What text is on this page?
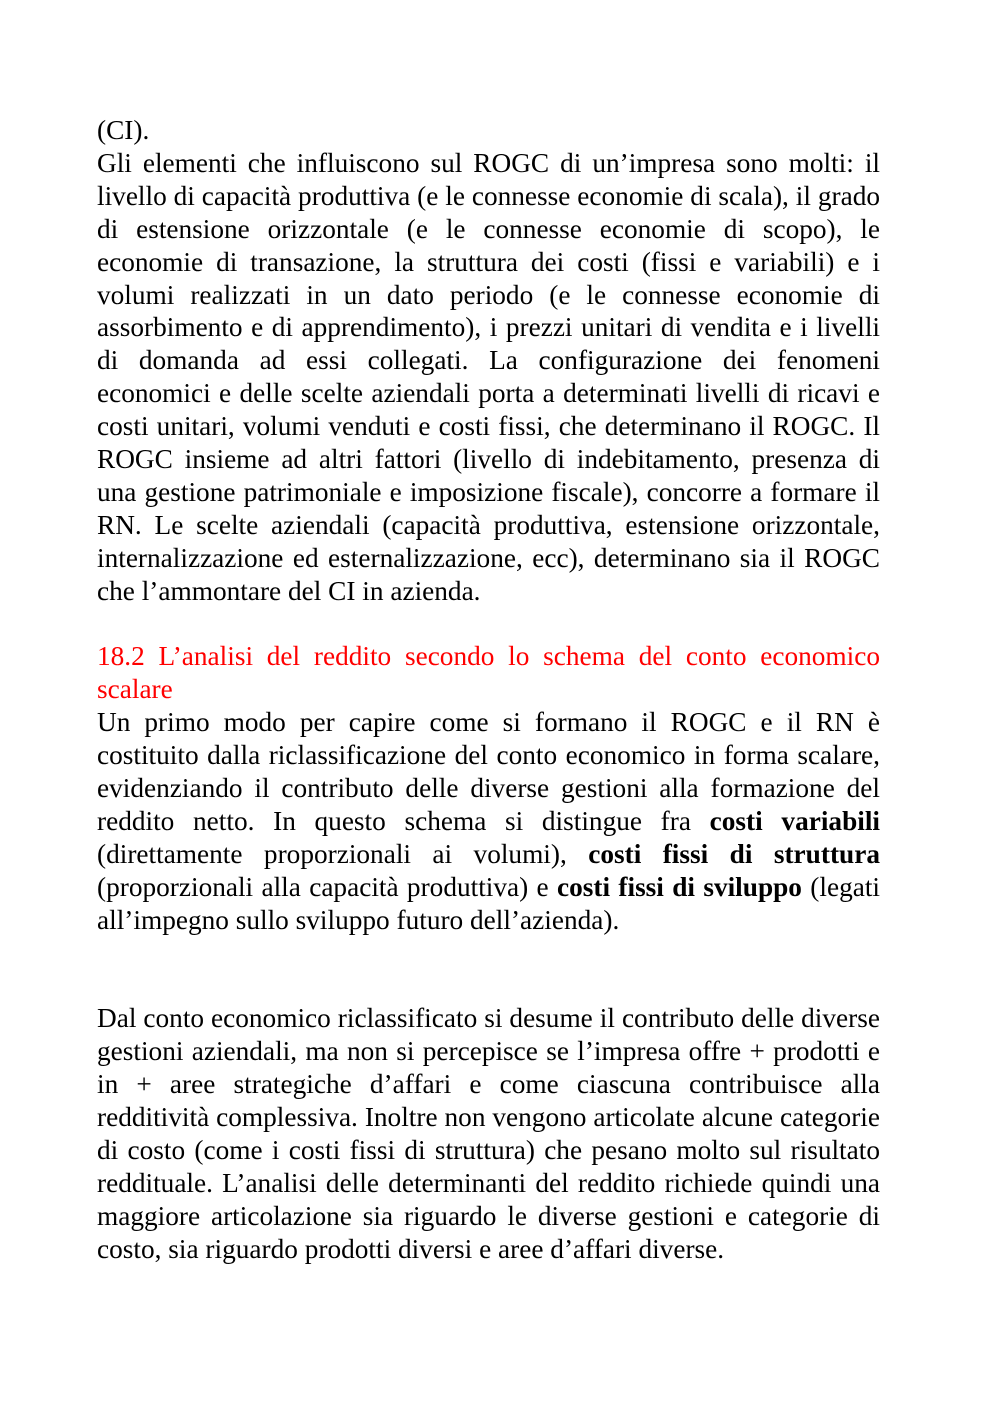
(CI).

Gli elementi che influiscono sul ROGC di un’impresa sono molti: il livello di capacità produttiva (e le connesse economie di scala), il grado di estensione orizzontale (e le connesse economie di scopo), le economie di transazione, la struttura dei costi (fissi e variabili) e i volumi realizzati in un dato periodo (e le connesse economie di assorbimento e di apprendimento), i prezzi unitari di vendita e i livelli di domanda ad essi collegati. La configurazione dei fenomeni economici e delle scelte aziendali porta a determinati livelli di ricavi e costi unitari, volumi venduti e costi fissi, che determinano il ROGC. Il ROGC insieme ad altri fattori (livello di indebitamento, presenza di una gestione patrimoniale e imposizione fiscale), concorre a formare il RN. Le scelte aziendali (capacità produttiva, estensione orizzontale, internalizzazione ed esternalizzazione, ecc), determinano sia il ROGC che l’ammontare del CI in azienda.

18.2 L’analisi del reddito secondo lo schema del conto economico scalare

Un primo modo per capire come si formano il ROGC e il RN è costituito dalla riclassificazione del conto economico in forma scalare, evidenziando il contributo delle diverse gestioni alla formazione del reddito netto. In questo schema si distingue fra costi variabili (direttamente proporzionali ai volumi), costi fissi di struttura (proporzionali alla capacità produttiva) e costi fissi di sviluppo (legati all’impegno sullo sviluppo futuro dell’azienda).

Dal conto economico riclassificato si desume il contributo delle diverse gestioni aziendali, ma non si percepisce se l’impresa offre + prodotti e in + aree strategiche d’affari e come ciascuna contribuisce alla redditività complessiva. Inoltre non vengono articolate alcune categorie di costo (come i costi fissi di struttura) che pesano molto sul risultato reddituale. L’analisi delle determinanti del reddito richiede quindi una maggiore articolazione sia riguardo le diverse gestioni e categorie di costo, sia riguardo prodotti diversi e aree d’affari diverse.
